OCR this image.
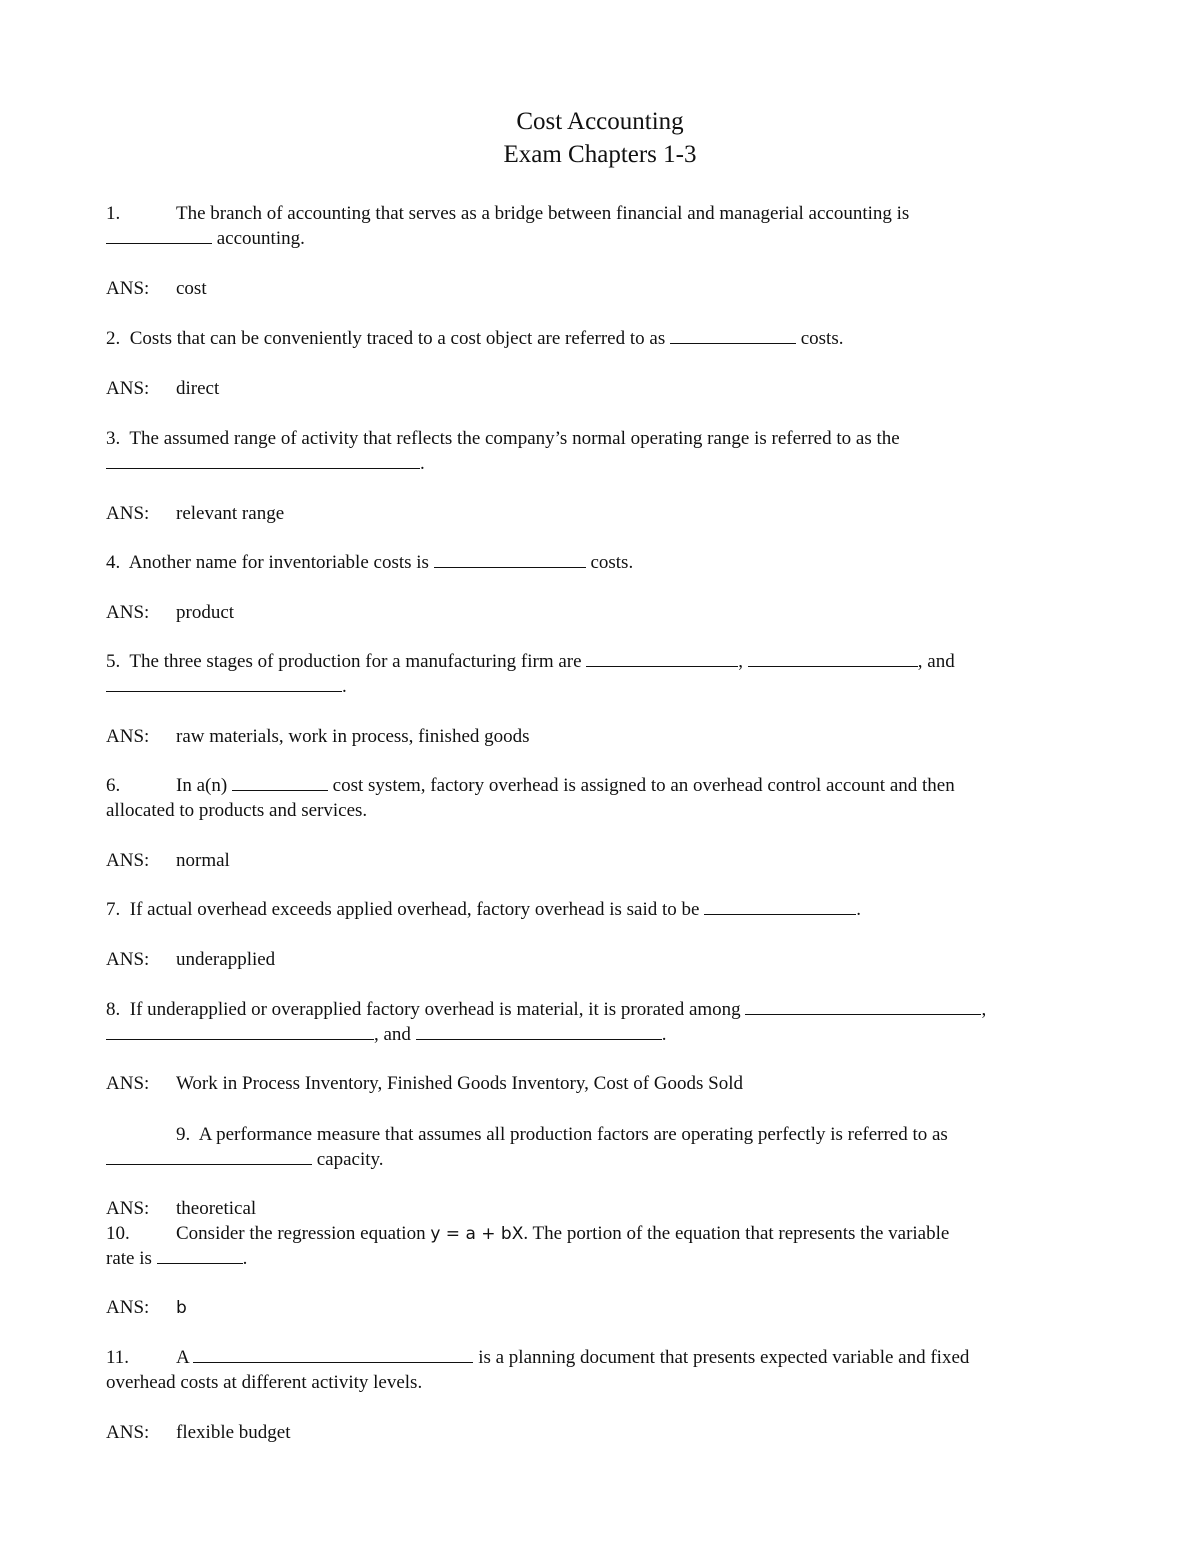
Cost Accounting
Exam Chapters 1-3
1.	The branch of accounting that serves as a bridge between financial and managerial accounting is
accounting.
ANS: cost
2. Costs that can be conveniently traced to a cost object are referred to as	costs.
ANS: direct
3. The assumed range of activity that reflects the company’s normal operating range is referred to as the
.
ANS: relevant range
4. Another name for inventoriable costs is	costs.
ANS: product
5. The three stages of production for a manufacturing firm are	,	, and
.
ANS: raw materials, work in process, finished goods
6.	In a(n)	cost system, factory overhead is assigned to an overhead control account and then
allocated to products and services.
ANS: normal
7. If actual overhead exceeds applied overhead, factory overhead is said to be	.
ANS: underapplied
8. If underapplied or overapplied factory overhead is material, it is prorated among	,
, and	.
ANS: Work in Process Inventory, Finished Goods Inventory, Cost of Goods Sold
9. A performance measure that assumes all production factors are operating perfectly is referred to as
capacity.
ANS: theoretical
10. Consider the regression equation y = a + bX. The portion of the equation that represents the variable
rate is	.
ANS: b
11. A	is a planning document that presents expected variable and fixed
overhead costs at different activity levels.
ANS: flexible budget
